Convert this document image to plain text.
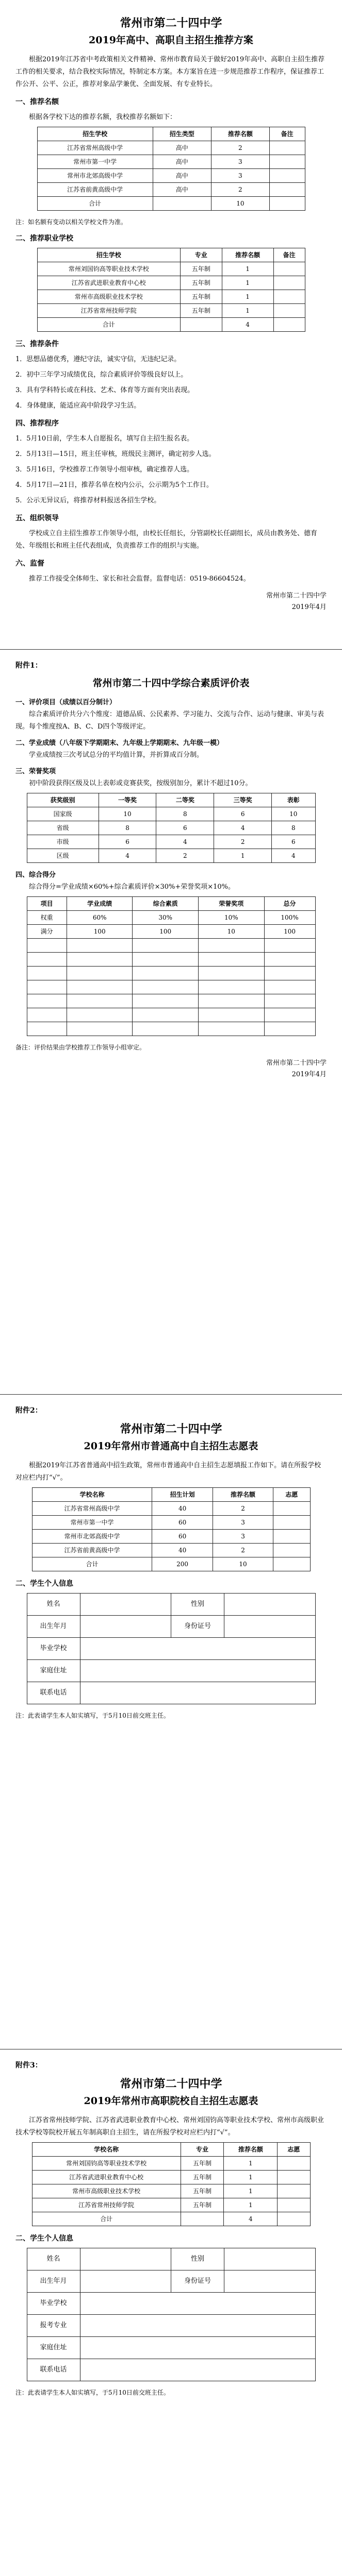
常州市第二十四中学
2019年高中、高职自主招生推荐方案

根据2019年江苏省中考政策相关文件精神、常州市教育局关于做好2019年高中、高职自主招生推荐工作的相关要求，结合我校实际情况，特制定本方案。本方案旨在进一步规范推荐工作程序，保证推荐工作公开、公平、公正，推荐对象品学兼优、全面发展、有专业特长。

一、推荐名额

根据各学校下达的推荐名额，我校推荐名额如下：

招生学校	招生类型	推荐名额	备注
江苏省常州高级中学	高中	2	
常州市第一中学	高中	3	
常州市北郊高级中学	高中	3	
江苏省前黄高级中学	高中	2	
合计		10	

注：如名额有变动以相关学校文件为准。

二、推荐职业学校
招生学校	专业	推荐名额	备注
常州刘国钧高等职业技术学校	五年制	1	
江苏省武进职业教育中心校	五年制	1	
常州市高级职业技术学校	五年制	1	
江苏省常州技师学院	五年制	1	
合计		4	
三、推荐条件

1．思想品德优秀，遵纪守法，诚实守信，无违纪记录。

2．初中三年学习成绩优良，综合素质评价等级良好以上。

3．具有学科特长或在科技、艺术、体育等方面有突出表现。

4．身体健康，能适应高中阶段学习生活。

四、推荐程序

1．5月10日前，学生本人自愿报名，填写自主招生报名表。

2．5月13日—15日，班主任审核，班级民主测评，确定初步人选。

3．5月16日，学校推荐工作领导小组审核，确定推荐人选。

4．5月17日—21日，推荐名单在校内公示，公示期为5个工作日。

5．公示无异议后，将推荐材料报送各招生学校。

五、组织领导

学校成立自主招生推荐工作领导小组，由校长任组长，分管副校长任副组长，成员由教务处、德育处、年级组长和班主任代表组成，负责推荐工作的组织与实施。

六、监督

推荐工作接受全体师生、家长和社会监督。监督电话：0519-86604524。

常州市第二十四中学
2019年4月
附件1：
常州市第二十四中学综合素质评价表
一、评价项目（成绩以百分制计）

综合素质评价共分六个维度：道德品质、公民素养、学习能力、交流与合作、运动与健康、审美与表现。每个维度按A、B、C、D四个等级评定。

二、学业成绩（八年级下学期期末、九年级上学期期末、九年级一模）

学业成绩按三次考试总分的平均值计算，并折算成百分制。

三、荣誉奖项

初中阶段获得区级及以上表彰或竞赛获奖，按级别加分，累计不超过10分。

获奖级别	一等奖	二等奖	三等奖	表彰
国家级	10	8	6	10
省级	8	6	4	8
市级	6	4	2	6
区级	4	2	1	4
四、综合得分

综合得分=学业成绩×60%+综合素质评价×30%+荣誉奖项×10%。

项目	学业成绩	综合素质	荣誉奖项	总分
权重	60%	30%	10%	100%
满分	100	100	10	100

备注：评价结果由学校推荐工作领导小组审定。

常州市第二十四中学
2019年4月
附件2：
常州市第二十四中学
2019年常州市普通高中自主招生志愿表

根据2019年江苏省普通高中招生政策，常州市普通高中自主招生志愿填报工作如下。请在所报学校对应栏内打“√”。

学校名称	招生计划	推荐名额	志愿
江苏省常州高级中学	40	2	
常州市第一中学	60	3	
常州市北郊高级中学	60	3	
江苏省前黄高级中学	40	2	
合计	200	10	
二、学生个人信息
姓名		性别	
出生年月		身份证号	
毕业学校			
家庭住址			
联系电话			

注：此表请学生本人如实填写，于5月10日前交班主任。

附件3：
常州市第二十四中学
2019年常州市高职院校自主招生志愿表

江苏省常州技师学院、江苏省武进职业教育中心校、常州刘国钧高等职业技术学校、常州市高级职业技术学校等院校开展五年制高职自主招生，请在所报学校对应栏内打“√”。

学校名称	专业	推荐名额	志愿
常州刘国钧高等职业技术学校	五年制	1	
江苏省武进职业教育中心校	五年制	1	
常州市高级职业技术学校	五年制	1	
江苏省常州技师学院	五年制	1	
合计		4	
二、学生个人信息
姓名		性别	
出生年月		身份证号	
毕业学校			
报考专业			
家庭住址			
联系电话			

注：此表请学生本人如实填写，于5月10日前交班主任。
